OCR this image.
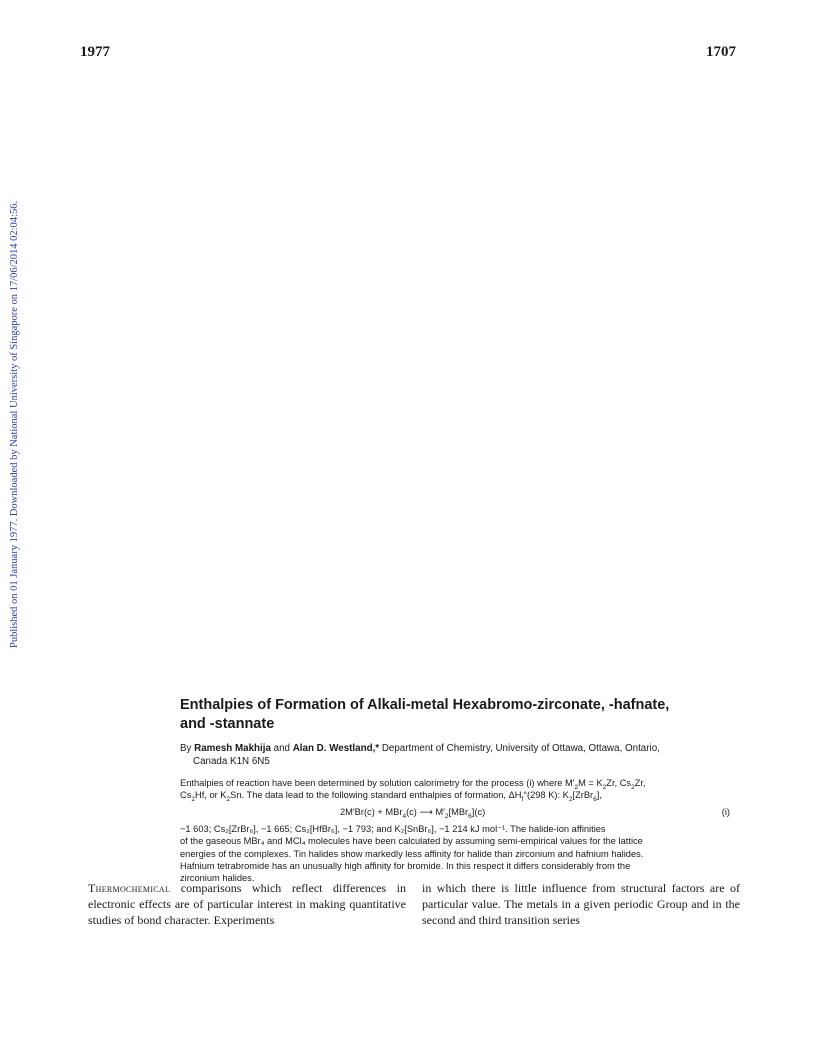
1977	1707
Published on 01 January 1977. Downloaded by National University of Singapore on 17/06/2014 02:04:56.
Enthalpies of Formation of Alkali-metal Hexabromo-zirconate, -hafnate,
and -stannate
By Ramesh Makhija and Alan D. Westland,* Department of Chemistry, University of Ottawa, Ottawa, Ontario,
Canada K1N 6N5

Enthalpies of reaction have been determined by solution calorimetry for the process (i) where $M'_2M = K_2Zr$, $Cs_2Zr$,

$Cs_2Hf$, or $K_2Sn$. The data lead to the following standard enthalpies of formation, $\Delta H_f^\circ(298$ K): $K_2[ZrBr_6]$,

2M′Br(c) + MBr$_4$(c) ⟶ $M'_2[MBr_6](c)$	(i)

−1 603; Cs₂[ZrBr₆], −1 665; Cs₂[HfBr₆], −1 793; and K₂[SnBr₆], −1 214 kJ mol⁻¹. The halide-ion affinities

of the gaseous MBr₄ and MCl₄ molecules have been calculated by assuming semi-empirical values for the lattice

energies of the complexes. Tin halides show markedly less affinity for halide than zirconium and hafnium halides.

Hafnium tetrabromide has an unusually high affinity for bromide. In this respect it differs considerably from the

zirconium halides.

Thermochemical comparisons which reflect differences in electronic effects are of particular interest in making quantitative studies of bond character. Experiments

in which there is little influence from structural factors are of particular value. The metals in a given periodic Group and in the second and third transition series
